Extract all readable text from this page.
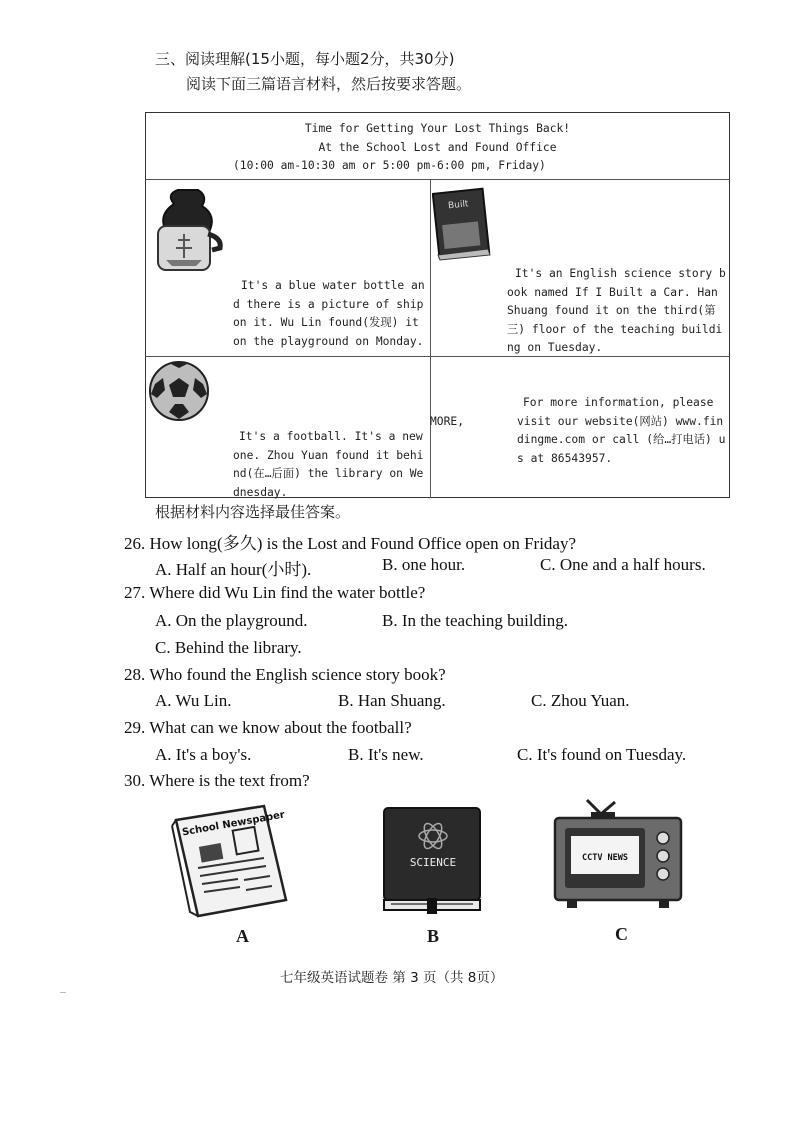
三、阅读理解(15小题，每小题2分，共30分)
阅读下面三篇语言材料，然后按要求答题。
Time for Getting Your Lost Things Back!
At the School Lost and Found Office
(10:00 am-10:30 am or 5:00 pm-6:00 pm, Friday)
It's a blue water bottle and there is a picture of ship on it. Wu Lin found(发现) it on the playground on Monday.
Built
It's an English science story book named If I Built a Car. Han Shuang found it on the third(第三) floor of the teaching building on Tuesday.
It's a football. It's a new one. Zhou Yuan found it behind(在…后面) the library on Wednesday.
MORE,
For more information, please visit our website(网站) www.findingme.com or call (给…打电话) us at 86543957.
根据材料内容选择最佳答案。
26. How long(多久) is the Lost and Found Office open on Friday?
A. Half an hour(小时).	B. one hour.	C. One and a half hours.
27. Where did Wu Lin find the water bottle?
A. On the playground.	B. In the teaching building.
C. Behind the library.
28. Who found the English science story book?
A. Wu Lin.	B. Han Shuang.	C. Zhou Yuan.
29. What can we know about the football?
A. It's a boy's.	B. It's new.	C. It's found on Tuesday.
30. Where is the text from?
School Newspaper
A
SCIENCE
B
CCTV NEWS
C
七年级英语试题卷 第 3 页（共 8页）
